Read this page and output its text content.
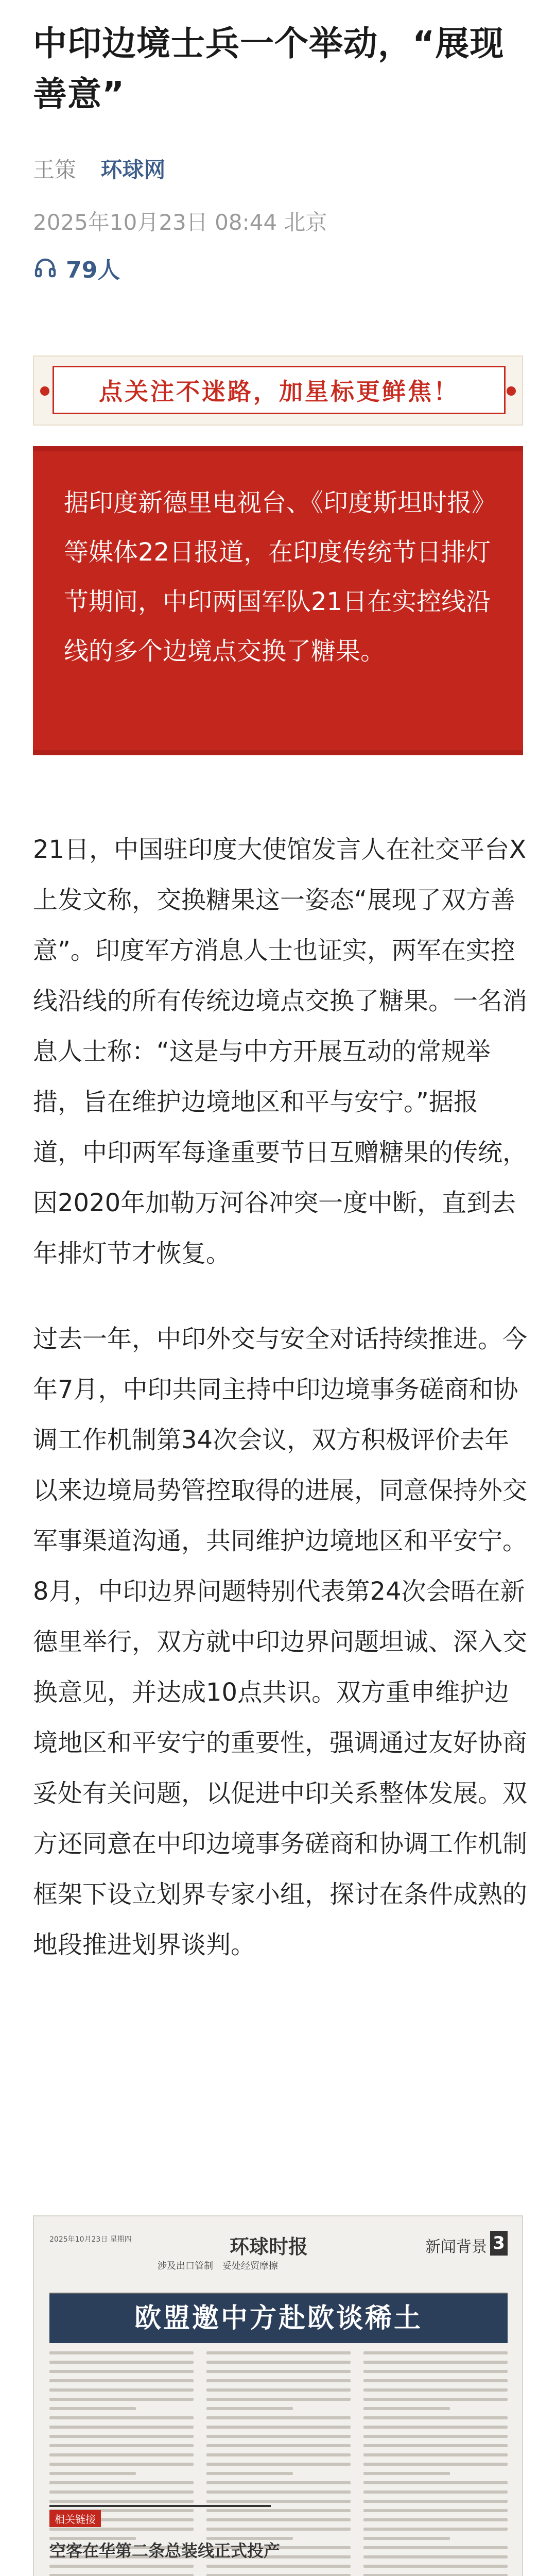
中印边境士兵一个举动，“展现善意”
王策 环球网
2025年10月23日 08:44 北京
79人
点关注不迷路，加星标更鲜焦！

据印度新德里电视台、《印度斯坦时报》等媒体22日报道，在印度传统节日排灯节期间，中印两国军队21日在实控线沿线的多个边境点交换了糖果。

21日，中国驻印度大使馆发言人在社交平台X上发文称，交换糖果这一姿态“展现了双方善意”。印度军方消息人士也证实，两军在实控线沿线的所有传统边境点交换了糖果。一名消息人士称：“这是与中方开展互动的常规举措，旨在维护边境地区和平与安宁。”据报道，中印两军每逢重要节日互赠糖果的传统，因2020年加勒万河谷冲突一度中断，直到去年排灯节才恢复。

过去一年，中印外交与安全对话持续推进。今年7月，中印共同主持中印边境事务磋商和协调工作机制第34次会议，双方积极评价去年以来边境局势管控取得的进展，同意保持外交军事渠道沟通，共同维护边境地区和平安宁。8月，中印边界问题特别代表第24次会晤在新德里举行，双方就中印边界问题坦诚、深入交换意见，并达成10点共识。双方重申维护边境地区和平安宁的重要性，强调通过友好协商妥处有关问题，以促进中印关系整体发展。双方还同意在中印边境事务磋商和协调工作机制框架下设立划界专家小组，探讨在条件成熟的地段推进划界谈判。

2025年10月23日 星期四	环球时报	新闻背景 3
涉及出口管制　妥处经贸摩擦
欧盟邀中方赴欧谈稀土
相关链接
空客在华第二条总装线正式投产
